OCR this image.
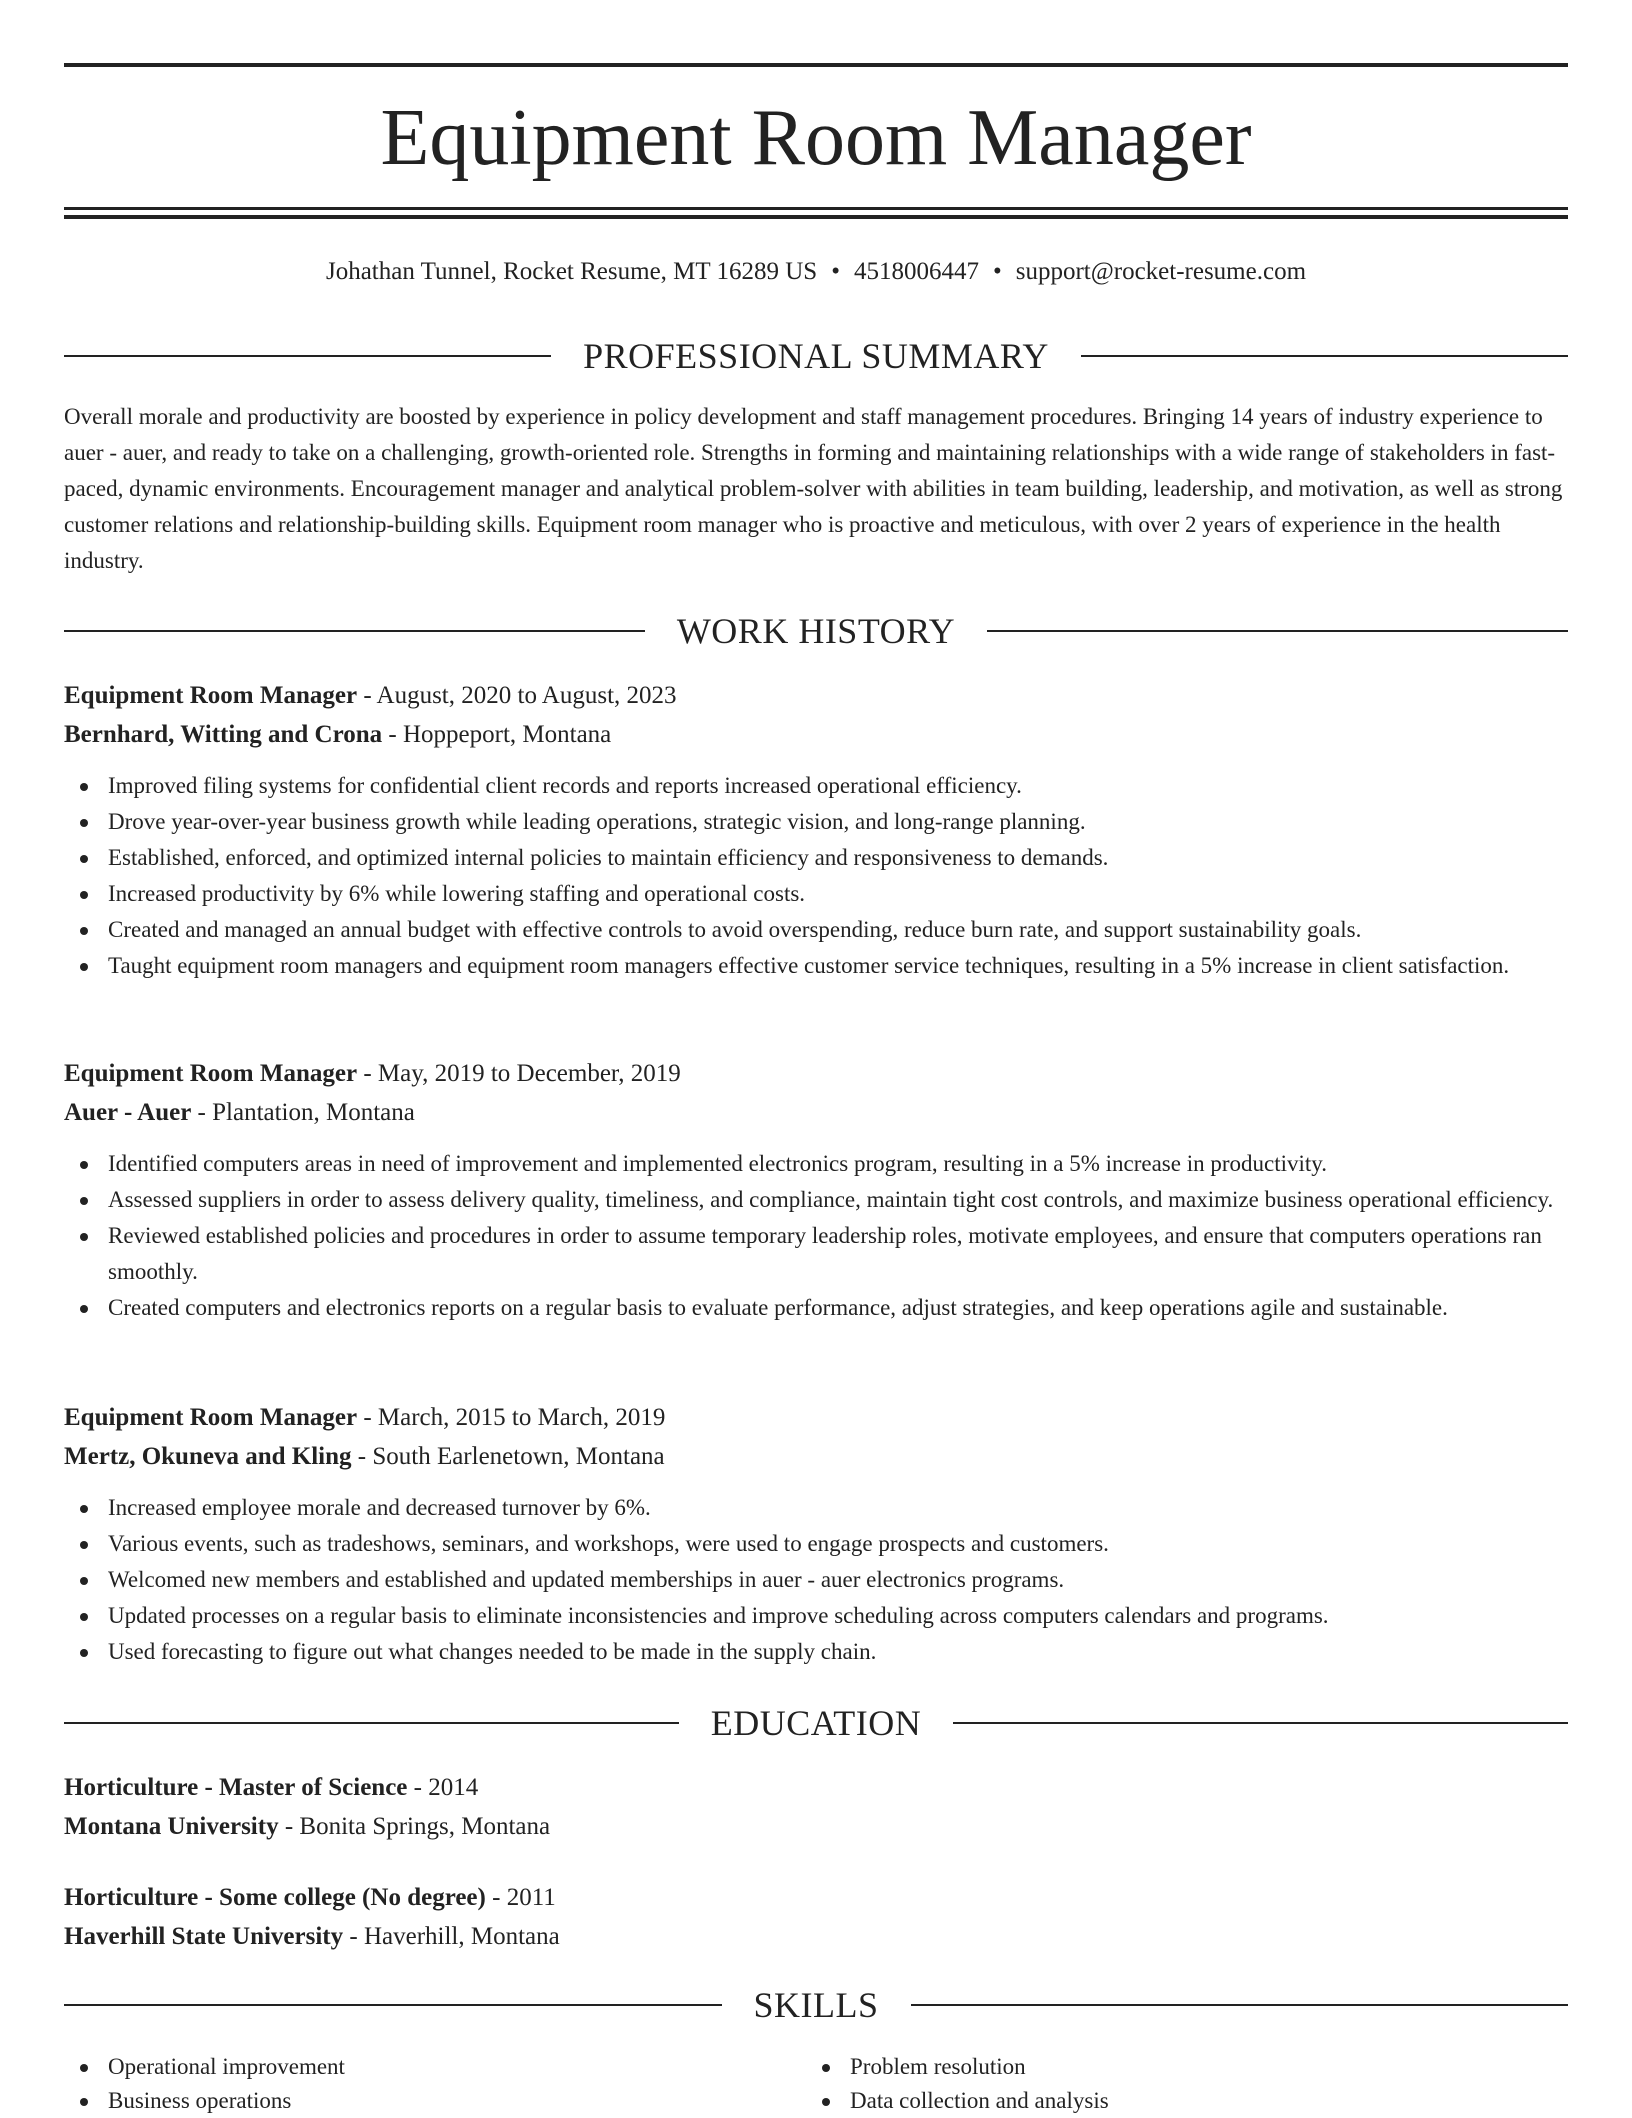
Equipment Room Manager
Johathan Tunnel, Rocket Resume, MT 16289 US • 4518006447 • support@rocket-resume.com
PROFESSIONAL SUMMARY

Overall morale and productivity are boosted by experience in policy development and staff management procedures. Bringing 14 years of industry experience to auer - auer, and ready to take on a challenging, growth-oriented role. Strengths in forming and maintaining relationships with a wide range of stakeholders in fast-paced, dynamic environments. Encouragement manager and analytical problem-solver with abilities in team building, leadership, and motivation, as well as strong customer relations and relationship-building skills. Equipment room manager who is proactive and meticulous, with over 2 years of experience in the health industry.

WORK HISTORY
Equipment Room Manager - August, 2020 to August, 2023
Bernhard, Witting and Crona - Hoppeport, Montana
Improved filing systems for confidential client records and reports increased operational efficiency.
Drove year-over-year business growth while leading operations, strategic vision, and long-range planning.
Established, enforced, and optimized internal policies to maintain efficiency and responsiveness to demands.
Increased productivity by 6% while lowering staffing and operational costs.
Created and managed an annual budget with effective controls to avoid overspending, reduce burn rate, and support sustainability goals.
Taught equipment room managers and equipment room managers effective customer service techniques, resulting in a 5% increase in client satisfaction.
Equipment Room Manager - May, 2019 to December, 2019
Auer - Auer - Plantation, Montana
Identified computers areas in need of improvement and implemented electronics program, resulting in a 5% increase in productivity.
Assessed suppliers in order to assess delivery quality, timeliness, and compliance, maintain tight cost controls, and maximize business operational efficiency.
Reviewed established policies and procedures in order to assume temporary leadership roles, motivate employees, and ensure that computers operations ran smoothly.
Created computers and electronics reports on a regular basis to evaluate performance, adjust strategies, and keep operations agile and sustainable.
Equipment Room Manager - March, 2015 to March, 2019
Mertz, Okuneva and Kling - South Earlenetown, Montana
Increased employee morale and decreased turnover by 6%.
Various events, such as tradeshows, seminars, and workshops, were used to engage prospects and customers.
Welcomed new members and established and updated memberships in auer - auer electronics programs.
Updated processes on a regular basis to eliminate inconsistencies and improve scheduling across computers calendars and programs.
Used forecasting to figure out what changes needed to be made in the supply chain.
EDUCATION
Horticulture - Master of Science - 2014
Montana University - Bonita Springs, Montana
Horticulture - Some college (No degree) - 2011
Haverhill State University - Haverhill, Montana
SKILLS
Operational improvement
Business operations
Problem resolution
Data collection and analysis
